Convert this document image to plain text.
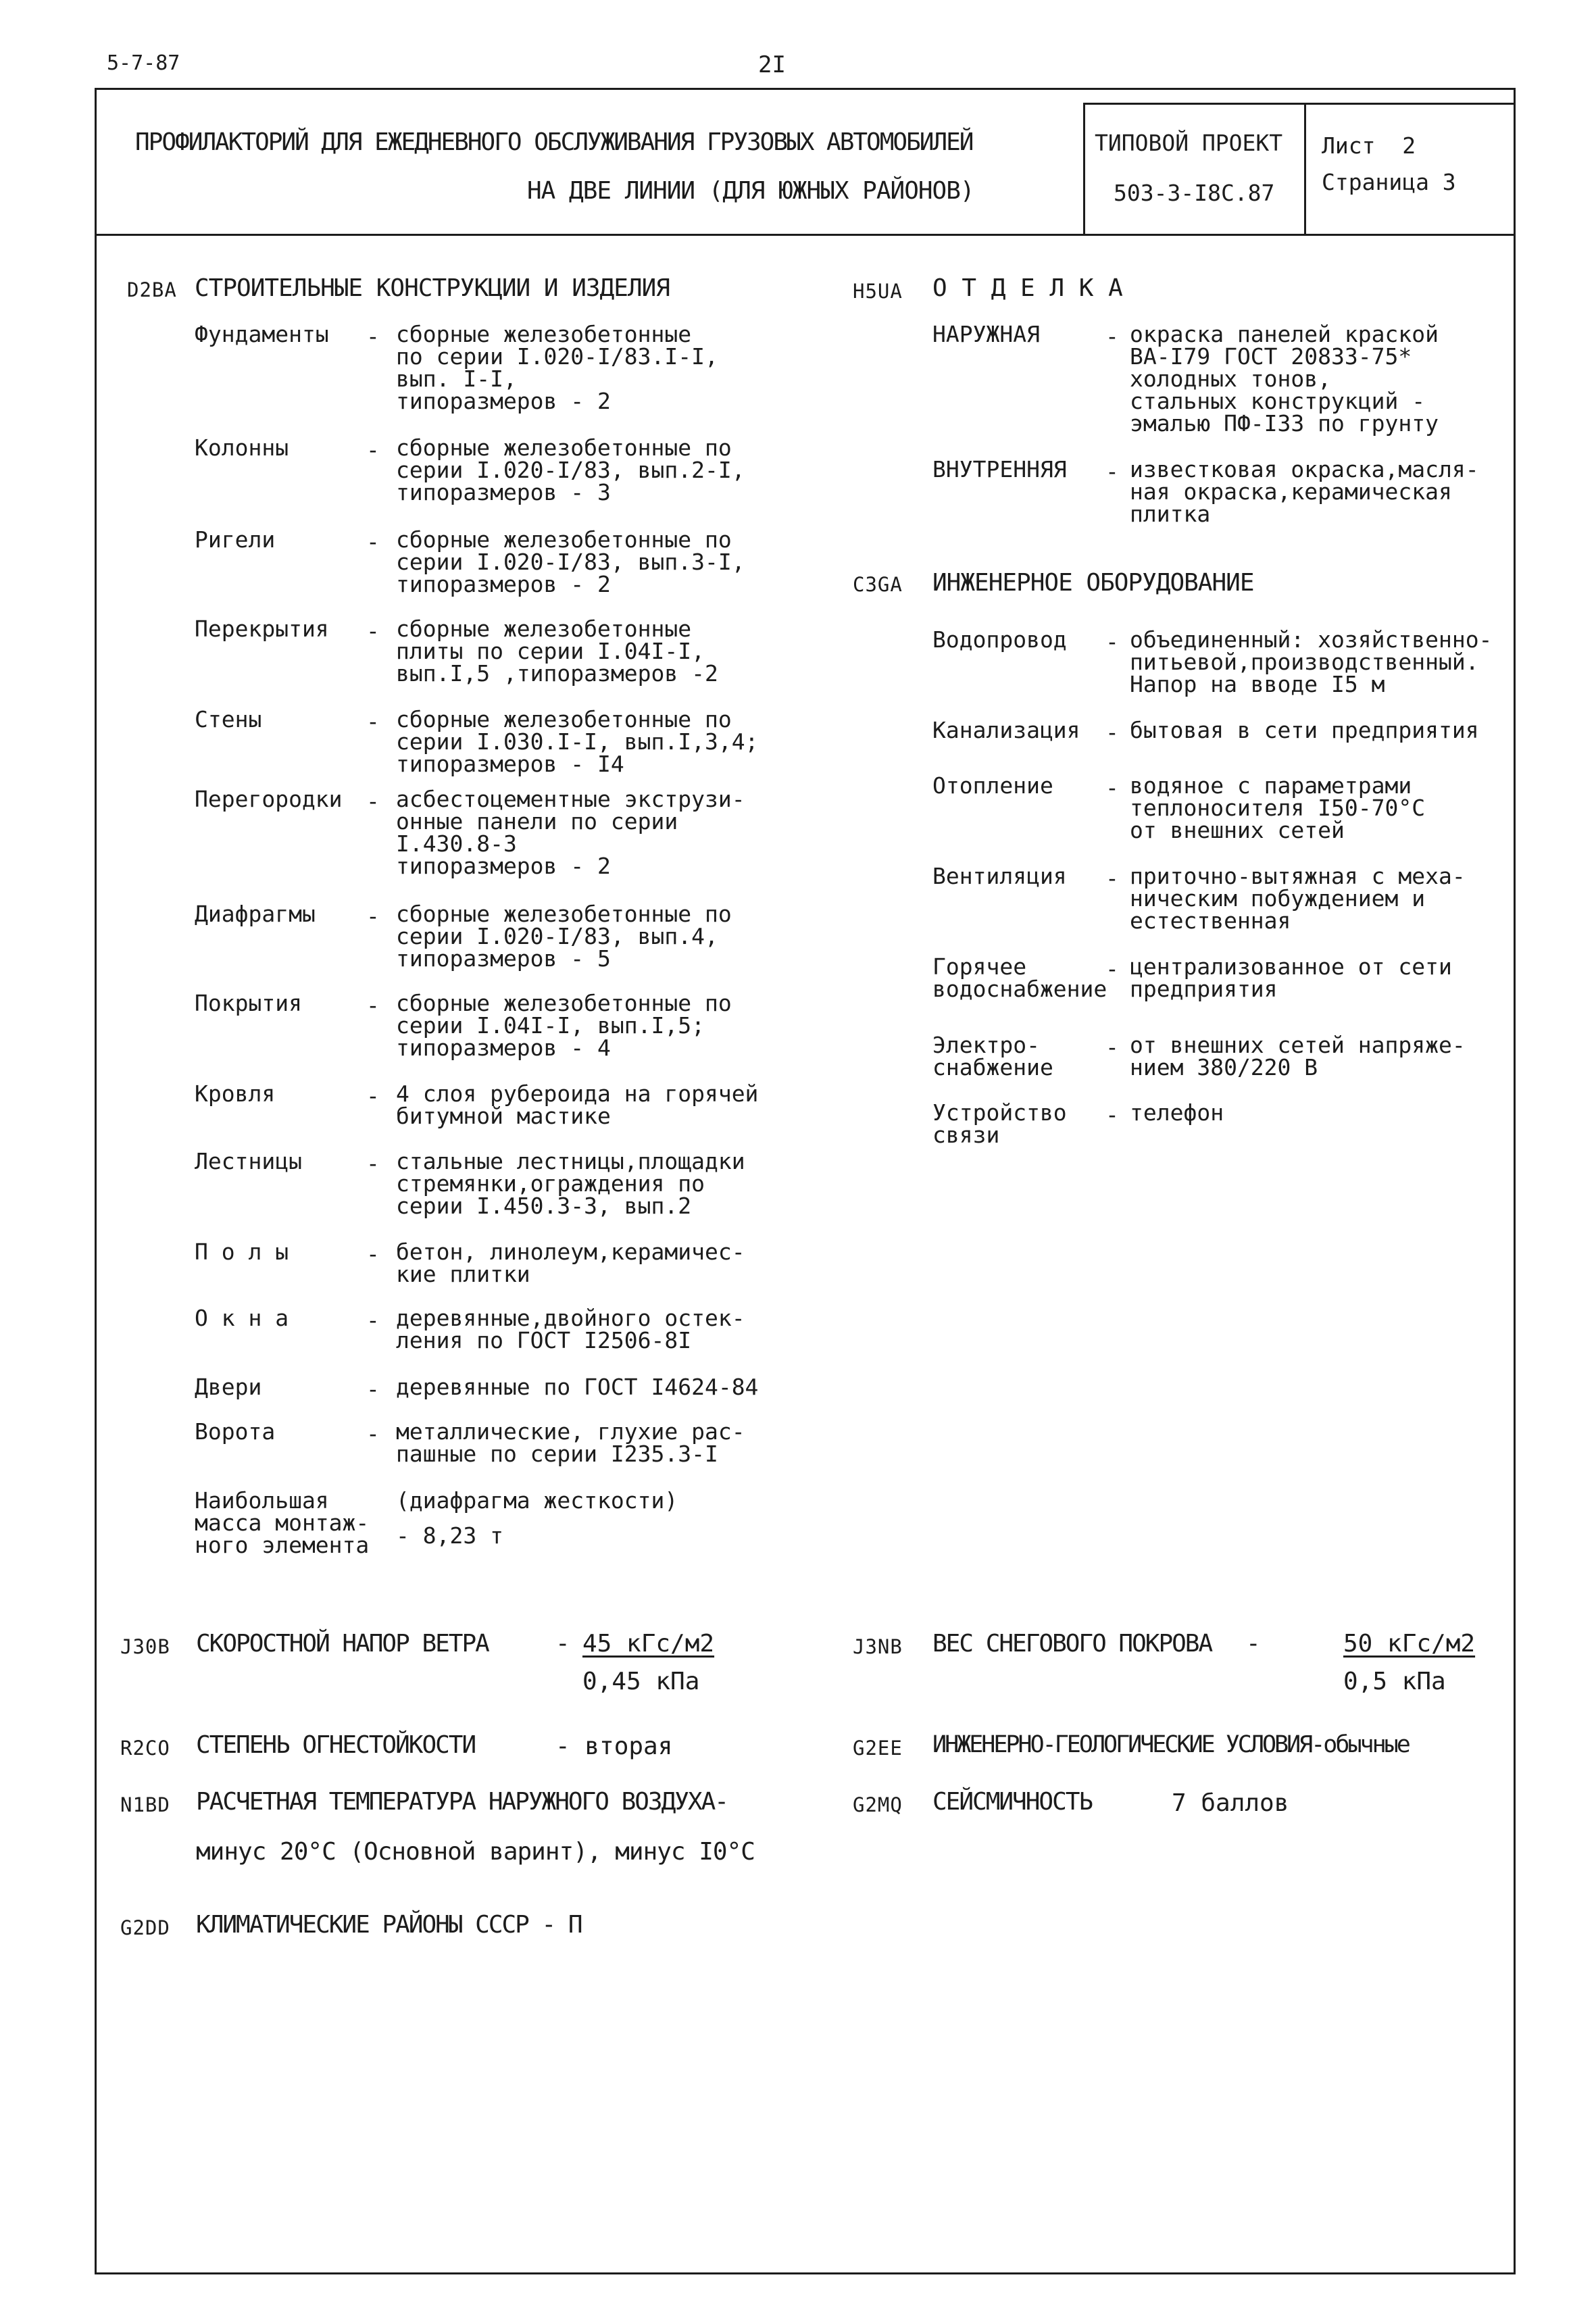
5-7-87	2I
ПРОФИЛАКТОРИЙ ДЛЯ ЕЖЕДНЕВНОГО ОБСЛУЖИВАНИЯ ГРУЗОВЫХ АВТОМОБИЛЕЙ
НА ДВЕ ЛИНИИ (ДЛЯ ЮЖНЫХ РАЙОНОВ)
ТИПОВОЙ ПРОЕКТ
503-3-I8С.87
Лист  2
Страница 3
D2BA СТРОИТЕЛЬНЫЕ КОНСТРУКЦИИ И ИЗДЕЛИЯ
Фундаменты - сборные железобетонные
по серии I.020-I/83.I-I,
вып. I-I,
типоразмеров - 2
Колонны	- сборные железобетонные по
серии I.020-I/83, вып.2-I,
типоразмеров - 3
Ригели	- сборные железобетонные по
серии I.020-I/83, вып.3-I,
типоразмеров - 2
Перекрытия - сборные железобетонные
плиты по серии I.04I-I,
вып.I,5 ,типоразмеров -2
Стены	- сборные железобетонные по
серии I.030.I-I, вып.I,3,4;
типоразмеров - I4
Перегородки - асбестоцементные экструзи-
онные панели по серии
I.430.8-3
типоразмеров - 2
Диафрагмы - сборные железобетонные по
серии I.020-I/83, вып.4,
типоразмеров - 5
Покрытия	- сборные железобетонные по
серии I.04I-I, вып.I,5;
типоразмеров - 4
Кровля	- 4 слоя рубероида на горячей
битумной мастике
Лестницы	- стальные лестницы,площадки
стремянки,ограждения по
серии I.450.3-3, вып.2
П о л ы	- бетон, линолеум,керамичес-
кие плитки
О к н а	- деревянные,двойного остек-
ления по ГОСТ I2506-8I
Двери	- деревянные по ГОСТ I4624-84
Ворота	- металлические, глухие рас-
пашные по серии I235.3-I
Наибольшая
масса монтаж-
ного элемента
(диафрагма жесткости)
- 8,23 т
H5UA О Т Д Е Л К А
НАРУЖНАЯ	- окраска панелей краской
ВА-I79 ГОСТ 20833-75*
холодных тонов,
стальных конструкций -
эмалью ПФ-I33 по грунту
ВНУТРЕННЯЯ - известковая окраска,масля-
ная окраска,керамическая
плитка
C3GA ИНЖЕНЕРНОЕ ОБОРУДОВАНИЕ
Водопровод - объединенный: хозяйственно-
питьевой,производственный.
Напор на вводе I5 м
Канализация - бытовая в сети предприятия
Отопление - водяное с параметрами
теплоносителя I50-70°С
от внешних сетей
Вентиляция - приточно-вытяжная с меха-
ническим побуждением и
естественная
Горячее
водоснабжение
- централизованное от сети
предприятия
Электро-
снабжение
- от внешних сетей напряже-
нием 380/220 В
Устройство
связи
- телефон
J30B СКОРОСТНОЙ НАПОР ВЕТРА	- 45 кГс/м2
0,45 кПа
J3NB ВЕС СНЕГОВОГО ПОКРОВА -	50 кГс/м2
0,5 кПа
R2CO СТЕПЕНЬ ОГНЕСТОЙКОСТИ	- вторая	G2EE ИНЖЕНЕРНО-ГЕОЛОГИЧЕСКИЕ УСЛОВИЯ-обычные
N1BD РАСЧЕТНАЯ ТЕМПЕРАТУРА НАРУЖНОГО ВОЗДУХА-
минус 20°С (Основной варинт), минус I0°С
G2MQ СЕЙСМИЧНОСТЬ	7 баллов
G2DD КЛИМАТИЧЕСКИЕ РАЙОНЫ СССР - П
